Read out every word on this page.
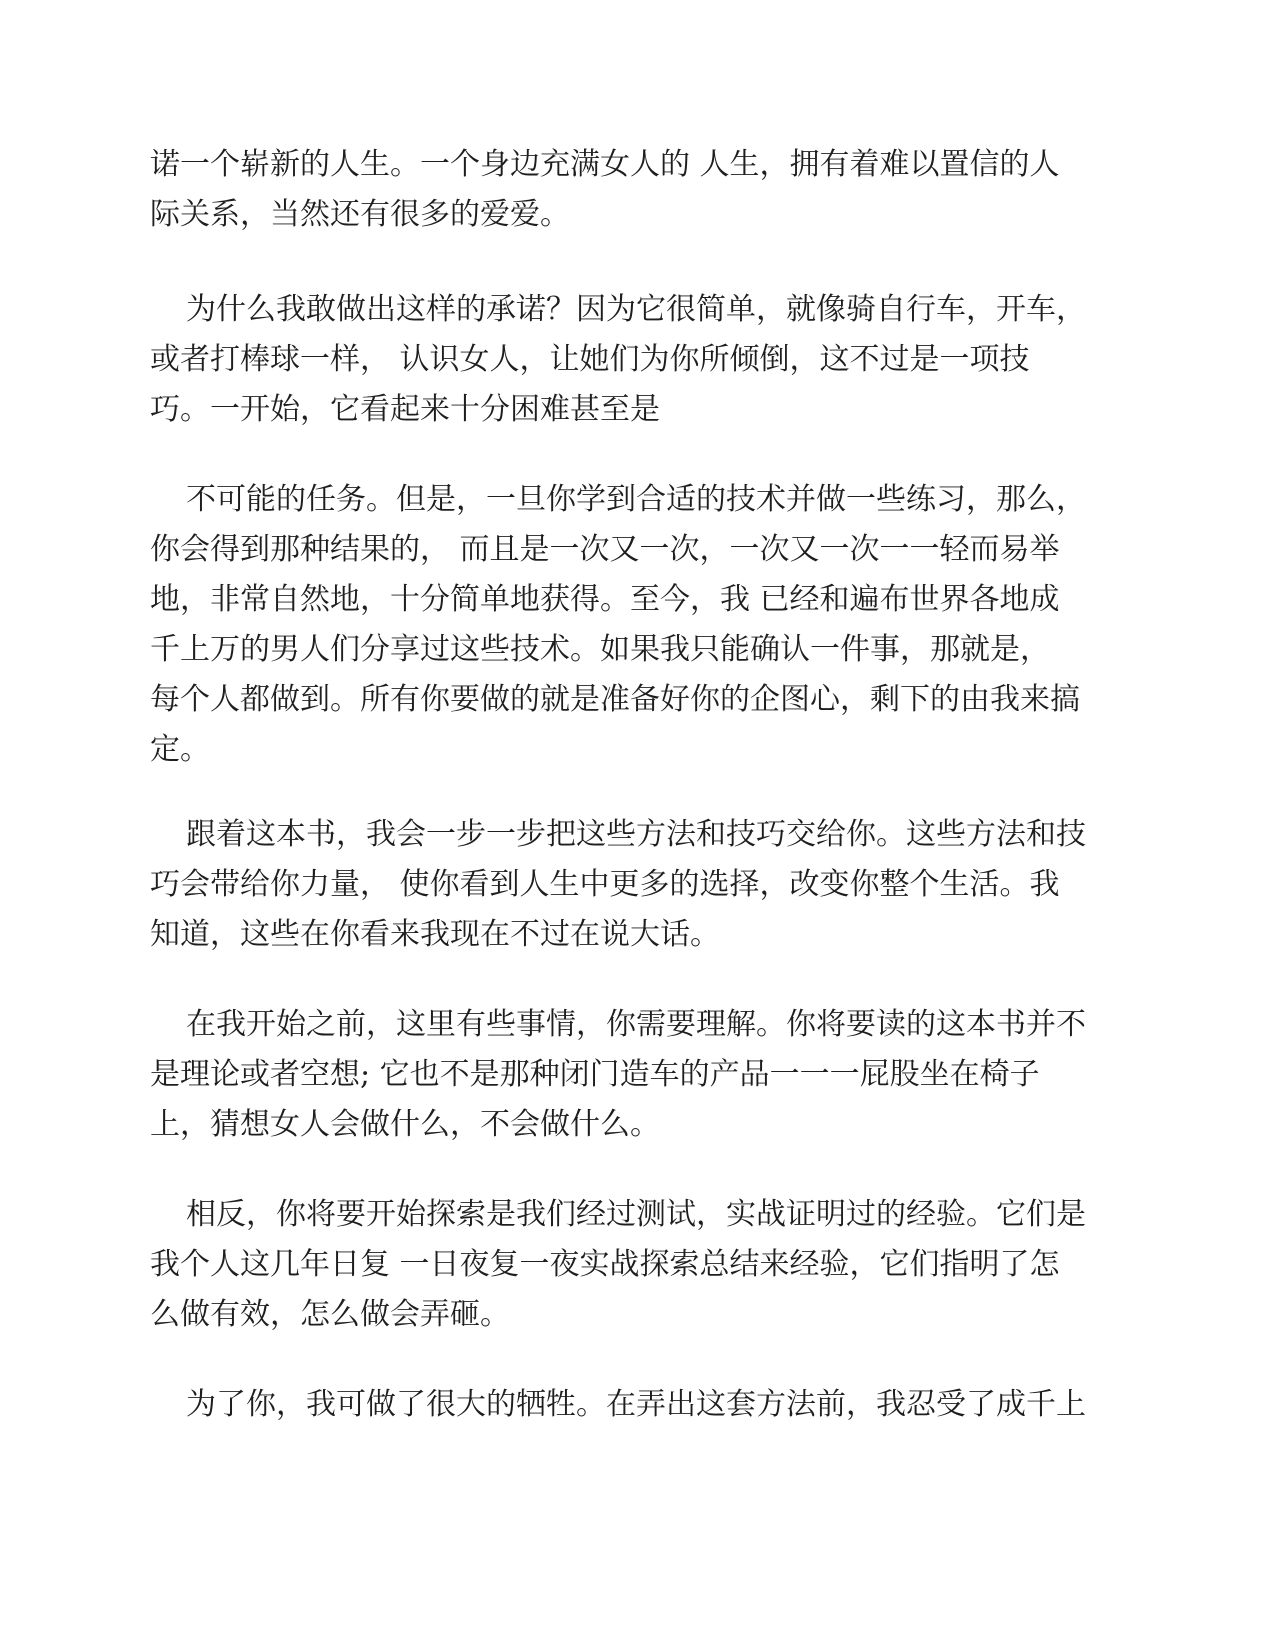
诺一个崭新的人生。一个身边充满女人的 人生，拥有着难以置信的人
际关系，当然还有很多的爱爱。
为什么我敢做出这样的承诺？因为它很简单，就像骑自行车，开车，
或者打棒球一样， 认识女人，让她们为你所倾倒，这不过是一项技
巧。一开始，它看起来十分困难甚至是
不可能的任务。但是，一旦你学到合适的技术并做一些练习，那么，
你会得到那种结果的， 而且是一次又一次，一次又一次一一轻而易举
地，非常自然地，十分简单地获得。至今，我 已经和遍布世界各地成
千上万的男人们分享过这些技术。如果我只能确认一件事，那就是，
每个人都做到。所有你要做的就是准备好你的企图心，剩下的由我来搞
定。
跟着这本书，我会一步一步把这些方法和技巧交给你。这些方法和技
巧会带给你力量， 使你看到人生中更多的选择，改变你整个生活。我
知道，这些在你看来我现在不过在说大话。
在我开始之前，这里有些事情，你需要理解。你将要读的这本书并不
是理论或者空想; 它也不是那种闭门造车的产品一一一屁股坐在椅子
上，猜想女人会做什么，不会做什么。
相反，你将要开始探索是我们经过测试，实战证明过的经验。它们是
我个人这几年日复 一日夜复一夜实战探索总结来经验，它们指明了怎
么做有效，怎么做会弄砸。
为了你，我可做了很大的牺牲。在弄出这套方法前，我忍受了成千上
